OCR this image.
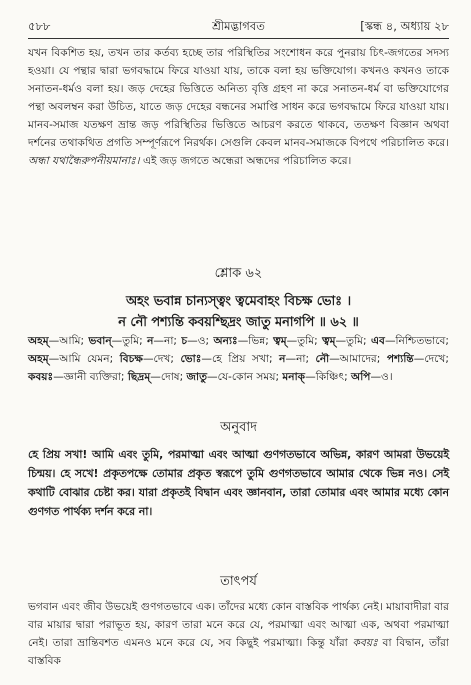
৫৮৮	শ্রীমদ্ভাগবত	[স্কন্ধ ৪, অধ্যায় ২৮

যখন বিকশিত হয়, তখন তার কর্তব্য হচ্ছে তার পরিস্থিতির সংশোধন করে পুনরায় চিৎ-জগতের সদস্য হওয়া। যে পন্থার দ্বারা ভগবদ্ধামে ফিরে যাওয়া যায়, তাকে বলা হয় ভক্তিযোগ। কখনও কখনও তাকে সনাতন-ধর্মও বলা হয়। জড় দেহের ভিত্তিতে অনিত্য বৃত্তি গ্রহণ না করে সনাতন-ধর্ম বা ভক্তিযোগের পন্থা অবলম্বন করা উচিত, যাতে জড় দেহের বন্ধনের সমাপ্তি সাধন করে ভগবদ্ধামে ফিরে যাওয়া যায়। মানব-সমাজ যতক্ষণ ভ্রান্ত জড় পরিস্থিতির ভিত্তিতে আচরণ করতে থাকবে, ততক্ষণ বিজ্ঞান অথবা দর্শনের তথাকথিত প্রগতি সম্পূর্ণরূপে নিরর্থক। সেগুলি কেবল মানব-সমাজকে বিপথে পরিচালিত করে। অন্ধা যথান্ধৈরুপনীয়মানাঃ। এই জড় জগতে অন্ধেরা অন্ধদের পরিচালিত করে।

শ্লোক ৬২
অহং ভবান্ন চান্যস্ত্বং ত্বমেবাহং বিচক্ষ ভোঃ ।
ন নৌ পশ্যন্তি কবয়শ্ছিদ্রং জাতু মনাগপি ॥ ৬২ ॥

অহম্—আমি; ভবান্—তুমি; ন—না; চ—ও; অন্যঃ—ভিন্ন; ত্বম্—তুমি; ত্বম্—তুমি; এব—নিশ্চিতভাবে; অহম্—আমি যেমন; বিচক্ষ—দেখ; ভোঃ—হে প্রিয় সখা; ন—না; নৌ—আমাদের; পশ্যন্তি—দেখে; কবয়ঃ—জ্ঞানী ব্যক্তিরা; ছিদ্রম্—দোষ; জাতু—যে-কোন সময়; মনাক্—কিঞ্চিৎ; অপি—ও।

অনুবাদ

হে প্রিয় সখা! আমি এবং তুমি, পরমাত্মা এবং আত্মা গুণগতভাবে অভিন্ন, কারণ আমরা উভয়েই চিন্ময়। হে সখে! প্রকৃতপক্ষে তোমার প্রকৃত স্বরূপে তুমি গুণগতভাবে আমার থেকে ভিন্ন নও। সেই কথাটি বোঝার চেষ্টা কর। যারা প্রকৃতই বিদ্বান এবং জ্ঞানবান, তারা তোমার এবং আমার মধ্যে কোন গুণগত পার্থক্য দর্শন করে না।

তাৎপর্য

ভগবান এবং জীব উভয়েই গুণগতভাবে এক। তাঁদের মধ্যে কোন বাস্তবিক পার্থক্য নেই। মায়াবাদীরা বার বার মায়ার দ্বারা পরাভূত হয়, কারণ তারা মনে করে যে, পরমাত্মা এবং আত্মা এক, অথবা পরমাত্মা নেই। তারা ভ্রান্তিবশত এমনও মনে করে যে, সব কিছুই পরমাত্মা। কিন্তু যাঁরা কবয়ঃ বা বিদ্বান, তাঁরা বাস্তবিক
